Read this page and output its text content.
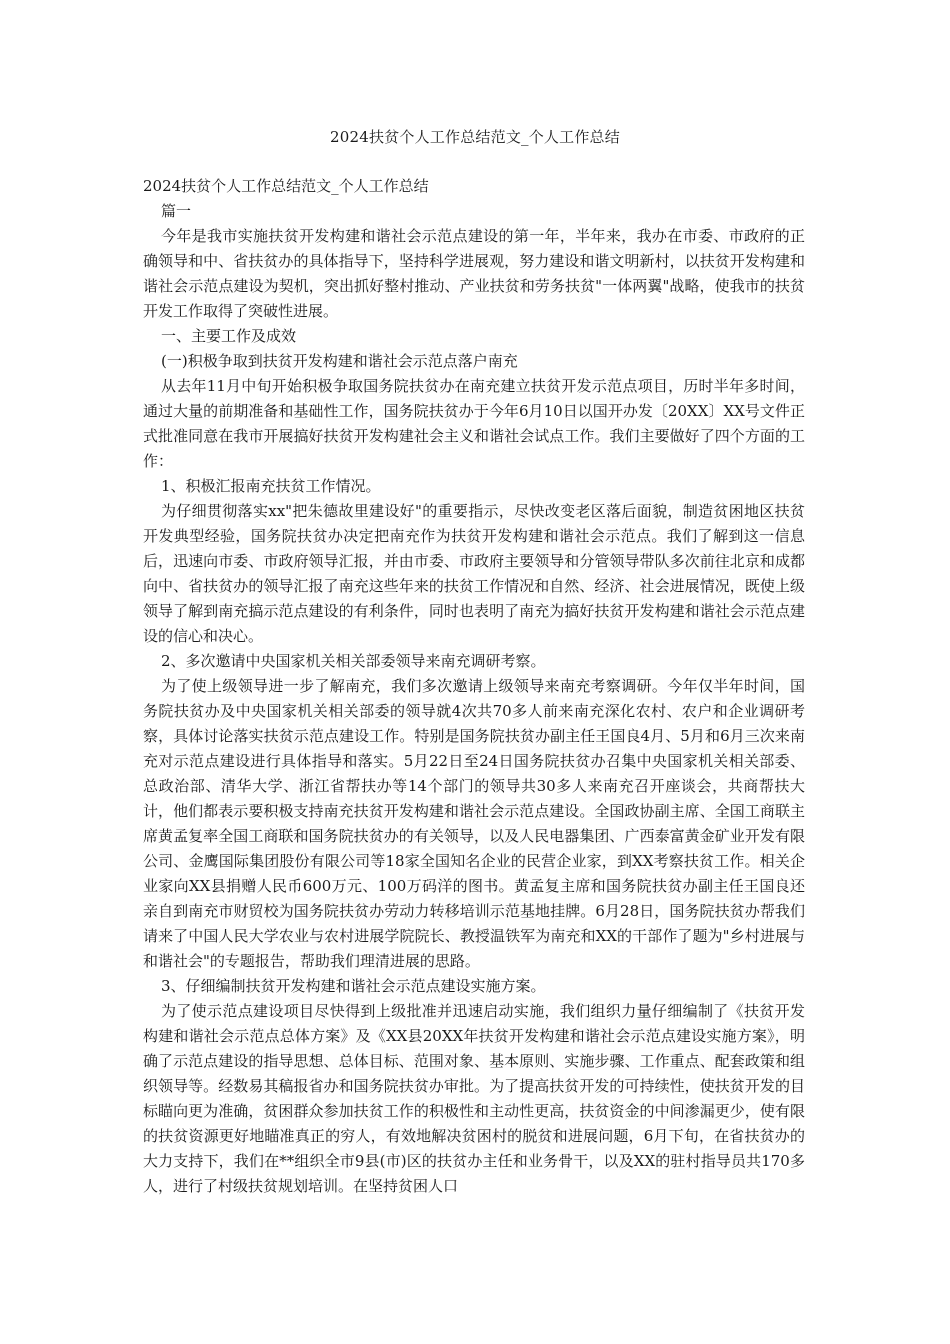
2024扶贫个人工作总结范文_个人工作总结

2024扶贫个人工作总结范文_个人工作总结

篇一

今年是我市实施扶贫开发构建和谐社会示范点建设的第一年，半年来，我办在市委、市政府的正确领导和中、省扶贫办的具体指导下，坚持科学进展观，努力建设和谐文明新村，以扶贫开发构建和谐社会示范点建设为契机，突出抓好整村推动、产业扶贫和劳务扶贫"一体两翼"战略，使我市的扶贫开发工作取得了突破性进展。

一、主要工作及成效

(一)积极争取到扶贫开发构建和谐社会示范点落户南充

从去年11月中旬开始积极争取国务院扶贫办在南充建立扶贫开发示范点项目，历时半年多时间，通过大量的前期准备和基础性工作，国务院扶贫办于今年6月10日以国开办发〔20XX〕XX号文件正式批准同意在我市开展搞好扶贫开发构建社会主义和谐社会试点工作。我们主要做好了四个方面的工作：

1、积极汇报南充扶贫工作情况。

为仔细贯彻落实xx"把朱德故里建设好"的重要指示，尽快改变老区落后面貌，制造贫困地区扶贫开发典型经验，国务院扶贫办决定把南充作为扶贫开发构建和谐社会示范点。我们了解到这一信息后，迅速向市委、市政府领导汇报，并由市委、市政府主要领导和分管领导带队多次前往北京和成都向中、省扶贫办的领导汇报了南充这些年来的扶贫工作情况和自然、经济、社会进展情况，既使上级领导了解到南充搞示范点建设的有利条件，同时也表明了南充为搞好扶贫开发构建和谐社会示范点建设的信心和决心。

2、多次邀请中央国家机关相关部委领导来南充调研考察。

为了使上级领导进一步了解南充，我们多次邀请上级领导来南充考察调研。今年仅半年时间，国务院扶贫办及中央国家机关相关部委的领导就4次共70多人前来南充深化农村、农户和企业调研考察，具体讨论落实扶贫示范点建设工作。特别是国务院扶贫办副主任王国良4月、5月和6月三次来南充对示范点建设进行具体指导和落实。5月22日至24日国务院扶贫办召集中央国家机关相关部委、总政治部、清华大学、浙江省帮扶办等14个部门的领导共30多人来南充召开座谈会，共商帮扶大计，他们都表示要积极支持南充扶贫开发构建和谐社会示范点建设。全国政协副主席、全国工商联主席黄孟复率全国工商联和国务院扶贫办的有关领导，以及人民电器集团、广西泰富黄金矿业开发有限公司、金鹰国际集团股份有限公司等18家全国知名企业的民营企业家，到XX考察扶贫工作。相关企业家向XX县捐赠人民币600万元、100万码洋的图书。黄孟复主席和国务院扶贫办副主任王国良还亲自到南充市财贸校为国务院扶贫办劳动力转移培训示范基地挂牌。6月28日，国务院扶贫办帮我们请来了中国人民大学农业与农村进展学院院长、教授温铁军为南充和XX的干部作了题为"乡村进展与和谐社会"的专题报告，帮助我们理清进展的思路。

3、仔细编制扶贫开发构建和谐社会示范点建设实施方案。

为了使示范点建设项目尽快得到上级批准并迅速启动实施，我们组织力量仔细编制了《扶贫开发构建和谐社会示范点总体方案》及《XX县20XX年扶贫开发构建和谐社会示范点建设实施方案》，明确了示范点建设的指导思想、总体目标、范围对象、基本原则、实施步骤、工作重点、配套政策和组织领导等。经数易其稿报省办和国务院扶贫办审批。为了提高扶贫开发的可持续性，使扶贫开发的目标瞄向更为准确，贫困群众参加扶贫工作的积极性和主动性更高，扶贫资金的中间渗漏更少，使有限的扶贫资源更好地瞄准真正的穷人，有效地解决贫困村的脱贫和进展问题，6月下旬，在省扶贫办的大力支持下，我们在**组织全市9县(市)区的扶贫办主任和业务骨干，以及XX的驻村指导员共170多人，进行了村级扶贫规划培训。在坚持贫困人口
